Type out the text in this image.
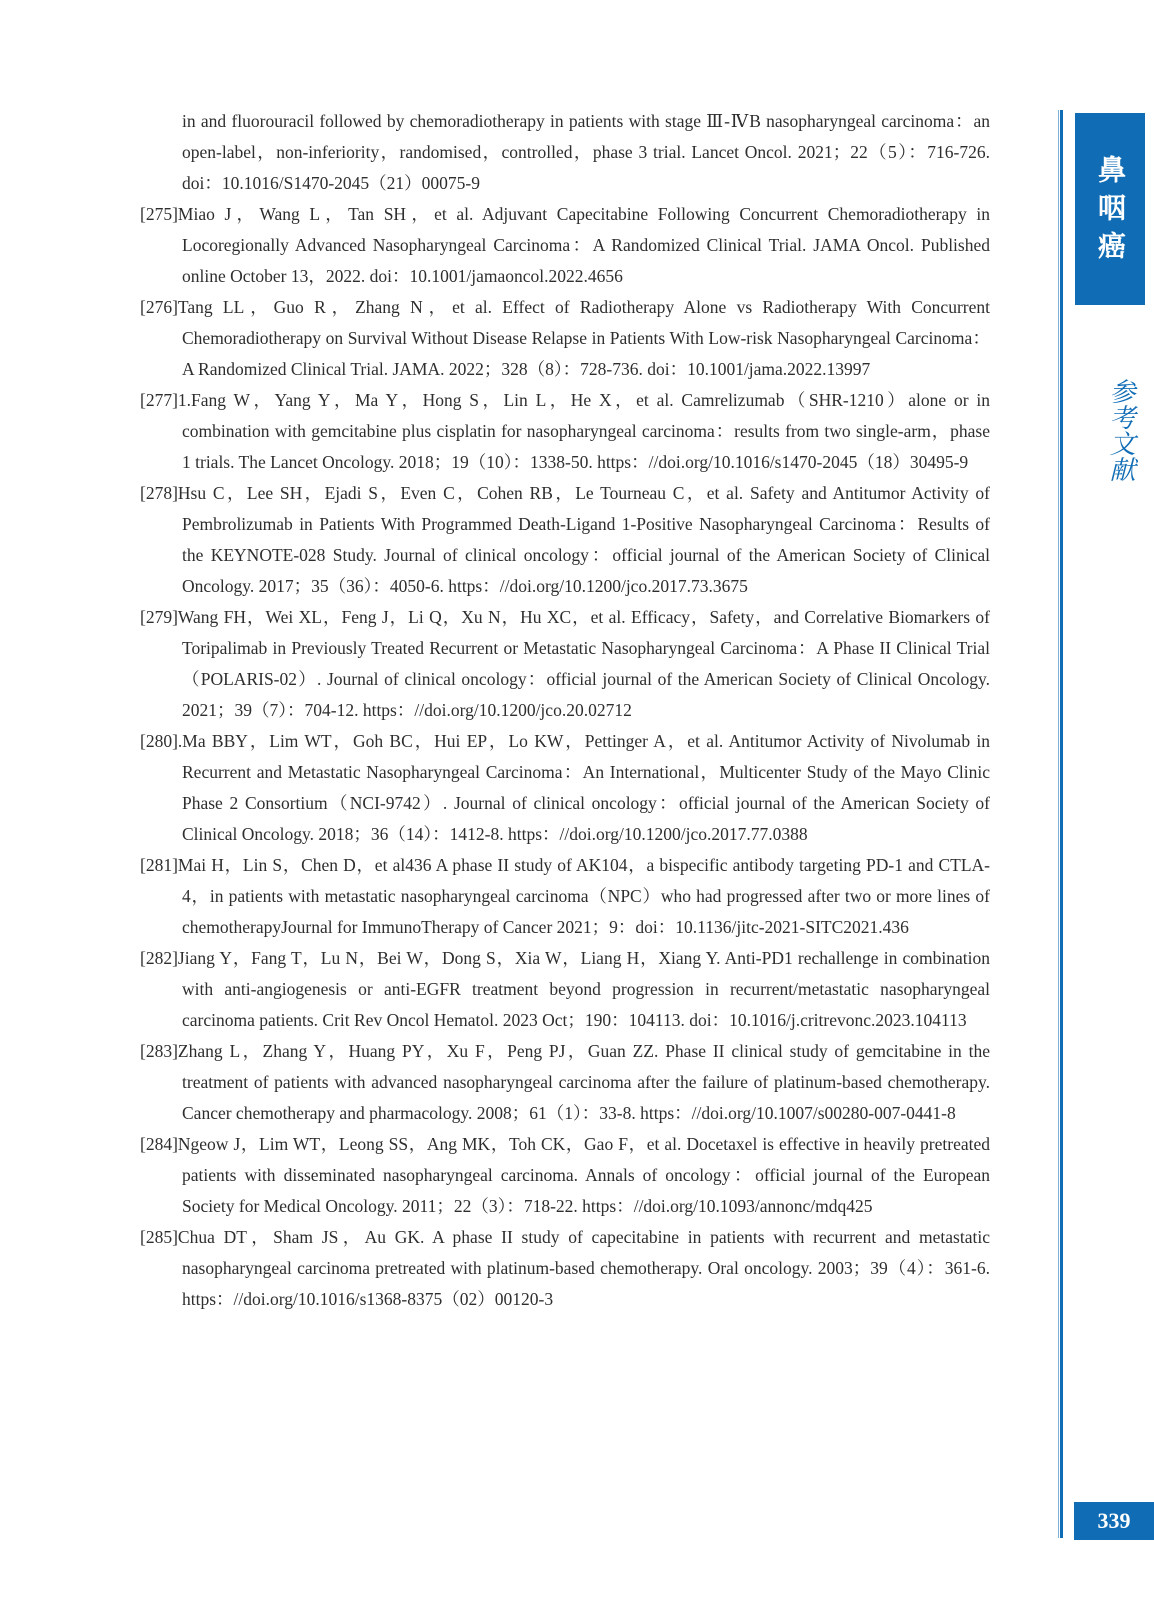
in and fluorouracil followed by chemoradiotherapy in patients with stage Ⅲ-ⅣB nasopharyngeal carcinoma：an open-label，non-inferiority，randomised，controlled，phase 3 trial. Lancet Oncol. 2021；22（5）：716-726. doi：10.1016/S1470-2045（21）00075-9

[275]Miao J，Wang L，Tan SH，et al. Adjuvant Capecitabine Following Concurrent Chemoradiotherapy in Locoregionally Advanced Nasopharyngeal Carcinoma：A Randomized Clinical Trial. JAMA Oncol. Published online October 13，2022. doi：10.1001/jamaoncol.2022.4656

[276]Tang LL，Guo R，Zhang N，et al. Effect of Radiotherapy Alone vs Radiotherapy With Concurrent Chemoradiotherapy on Survival Without Disease Relapse in Patients With Low-risk Nasopharyngeal Carcinoma：A Randomized Clinical Trial. JAMA. 2022；328（8）：728-736. doi：10.1001/jama.2022.13997

[277]1.Fang W，Yang Y，Ma Y，Hong S，Lin L，He X，et al. Camrelizumab（SHR-1210）alone or in combination with gemcitabine plus cisplatin for nasopharyngeal carcinoma：results from two single-arm，phase 1 trials. The Lancet Oncology. 2018；19（10）：1338-50. https：//doi.org/10.1016/s1470-2045（18）30495-9

[278]Hsu C，Lee SH，Ejadi S，Even C，Cohen RB，Le Tourneau C，et al. Safety and Antitumor Activity of Pembrolizumab in Patients With Programmed Death-Ligand 1-Positive Nasopharyngeal Carcinoma：Results of the KEYNOTE-028 Study. Journal of clinical oncology：official journal of the American Society of Clinical Oncology. 2017；35（36）：4050-6. https：//doi.org/10.1200/jco.2017.73.3675

[279]Wang FH，Wei XL，Feng J，Li Q，Xu N，Hu XC，et al. Efficacy，Safety，and Correlative Biomarkers of Toripalimab in Previously Treated Recurrent or Metastatic Nasopharyngeal Carcinoma：A Phase II Clinical Trial（POLARIS-02）. Journal of clinical oncology：official journal of the American Society of Clinical Oncology. 2021；39（7）：704-12. https：//doi.org/10.1200/jco.20.02712

[280].Ma BBY，Lim WT，Goh BC，Hui EP，Lo KW，Pettinger A，et al. Antitumor Activity of Nivolumab in Recurrent and Metastatic Nasopharyngeal Carcinoma：An International，Multicenter Study of the Mayo Clinic Phase 2 Consortium（NCI-9742）. Journal of clinical oncology：official journal of the American Society of Clinical Oncology. 2018；36（14）：1412-8. https：//doi.org/10.1200/jco.2017.77.0388

[281]Mai H，Lin S，Chen D，et al436 A phase II study of AK104，a bispecific antibody targeting PD-1 and CTLA-4，in patients with metastatic nasopharyngeal carcinoma（NPC）who had progressed after two or more lines of chemotherapyJournal for ImmunoTherapy of Cancer 2021；9：doi：10.1136/jitc-2021-SITC2021.436

[282]Jiang Y，Fang T，Lu N，Bei W，Dong S，Xia W，Liang H，Xiang Y. Anti-PD1 rechallenge in combination with anti-angiogenesis or anti-EGFR treatment beyond progression in recurrent/metastatic nasopharyngeal carcinoma patients. Crit Rev Oncol Hematol. 2023 Oct；190：104113. doi：10.1016/j.critrevonc.2023.104113

[283]Zhang L，Zhang Y，Huang PY，Xu F，Peng PJ，Guan ZZ. Phase II clinical study of gemcitabine in the treatment of patients with advanced nasopharyngeal carcinoma after the failure of platinum-based chemotherapy. Cancer chemotherapy and pharmacology. 2008；61（1）：33-8. https：//doi.org/10.1007/s00280-007-0441-8

[284]Ngeow J，Lim WT，Leong SS，Ang MK，Toh CK，Gao F，et al. Docetaxel is effective in heavily pretreated patients with disseminated nasopharyngeal carcinoma. Annals of oncology：official journal of the European Society for Medical Oncology. 2011；22（3）：718-22. https：//doi.org/10.1093/annonc/mdq425

[285]Chua DT，Sham JS，Au GK. A phase II study of capecitabine in patients with recurrent and metastatic nasopharyngeal carcinoma pretreated with platinum-based chemotherapy. Oral oncology. 2003；39（4）：361-6. https：//doi.org/10.1016/s1368-8375（02）00120-3

鼻咽癌
参考文献
339
